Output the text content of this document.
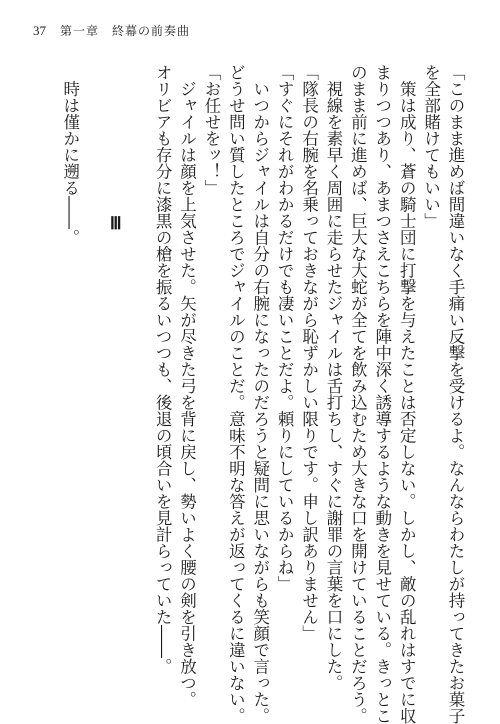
37 第一章　終幕の前奏曲

「このまま進めば間違いなく手痛い反撃を受けるよ。なんならわたしが持ってきたお菓子

を全部賭けてもいい」

　策は成り、蒼の騎士団に打撃を与えたことは否定しない。しかし、敵の乱れはすでに収

まりつつあり、あまつさえこちらを陣中深く誘導するような動きを見せている。きっとこ

のまま前に進めば、巨大な大蛇が全てを飲み込むため大きな口を開けていることだろう。

　視線を素早く周囲に走らせたジャイルは舌打ちし、すぐに謝罪の言葉を口にした。

「隊長の右腕を名乗っておきながら恥ずかしい限りです。申し訳ありません」

「すぐにそれがわかるだけでも凄いことだよ。頼りにしているからね」

　いつからジャイルは自分の右腕になったのだろうと疑問に思いながらも笑顔で言った。

どうせ問い質したところでジャイルのことだ。意味不明な答えが返ってくるに違いない。

「お任せをッ！」

　ジャイルは顔を上気させた。矢が尽きた弓を背に戻し、勢いよく腰の剣を引き放つ。

オリビアも存分に漆黒の槍を振るいつつも、後退の頃合いを見計らっていた――。

Ⅲ

　時は僅かに遡る――。
